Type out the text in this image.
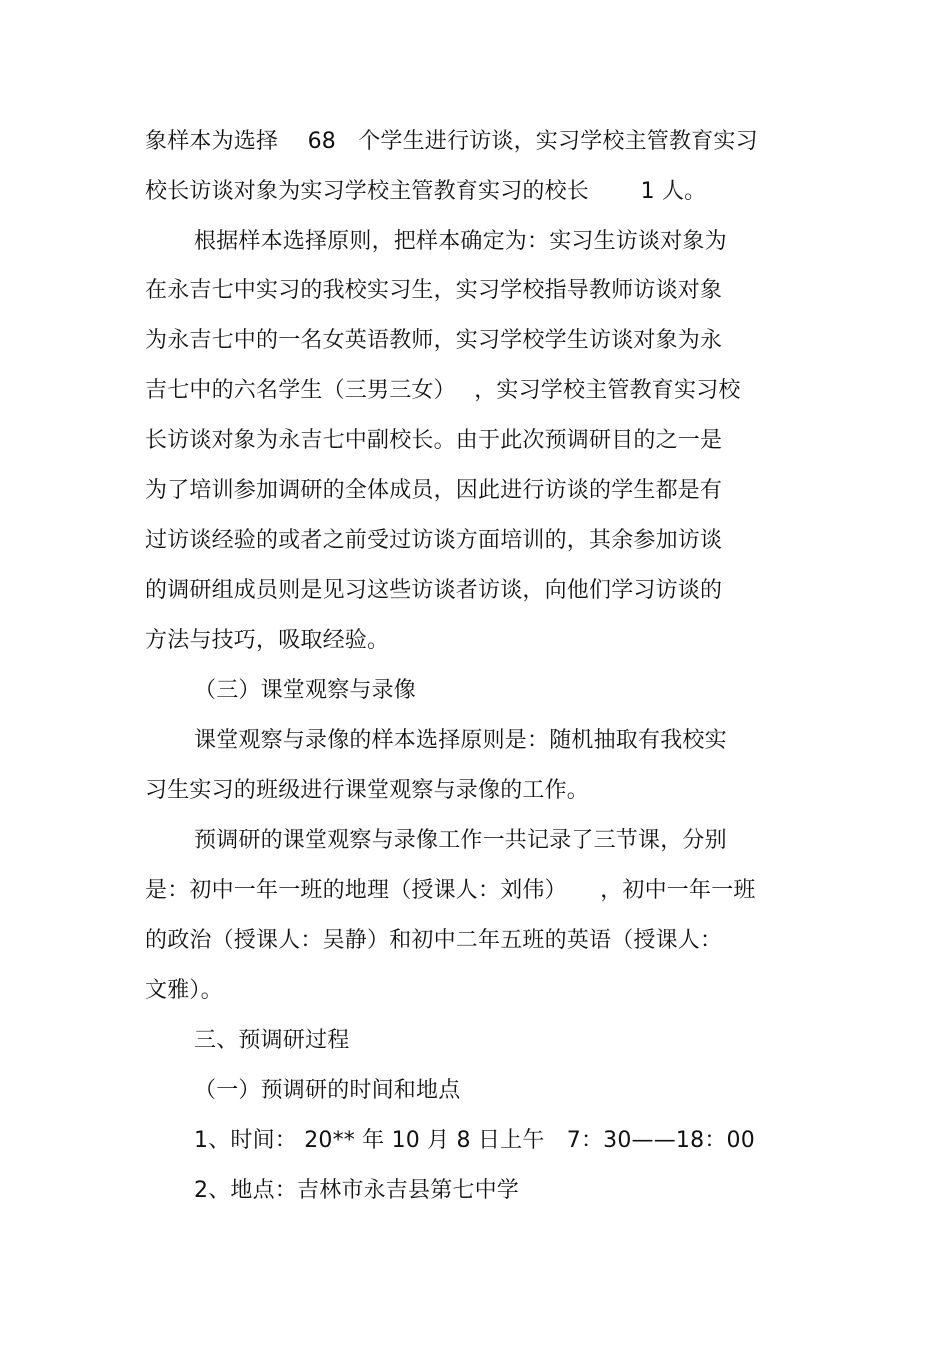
象样本为选择　 68　个学生进行访谈，实习学校主管教育实习
校长访谈对象为实习学校主管教育实习的校长　　 1 人。
根据样本选择原则，把样本确定为：实习生访谈对象为
在永吉七中实习的我校实习生，实习学校指导教师访谈对象
为永吉七中的一名女英语教师，实习学校学生访谈对象为永
吉七中的六名学生（三男三女）　 ，实习学校主管教育实习校
长访谈对象为永吉七中副校长。由于此次预调研目的之一是
为了培训参加调研的全体成员，因此进行访谈的学生都是有
过访谈经验的或者之前受过访谈方面培训的，其余参加访谈
的调研组成员则是见习这些访谈者访谈，向他们学习访谈的
方法与技巧，吸取经验。
（三）课堂观察与录像
课堂观察与录像的样本选择原则是：随机抽取有我校实
习生实习的班级进行课堂观察与录像的工作。
预调研的课堂观察与录像工作一共记录了三节课，分别
是：初中一年一班的地理（授课人：刘伟）　　，初中一年一班
的政治（授课人：吴静）和初中二年五班的英语（授课人：
文雅）。
三、预调研过程
（一）预调研的时间和地点
1、时间： 20** 年 10 月 8 日上午　7：30——18：00
2、地点：吉林市永吉县第七中学
